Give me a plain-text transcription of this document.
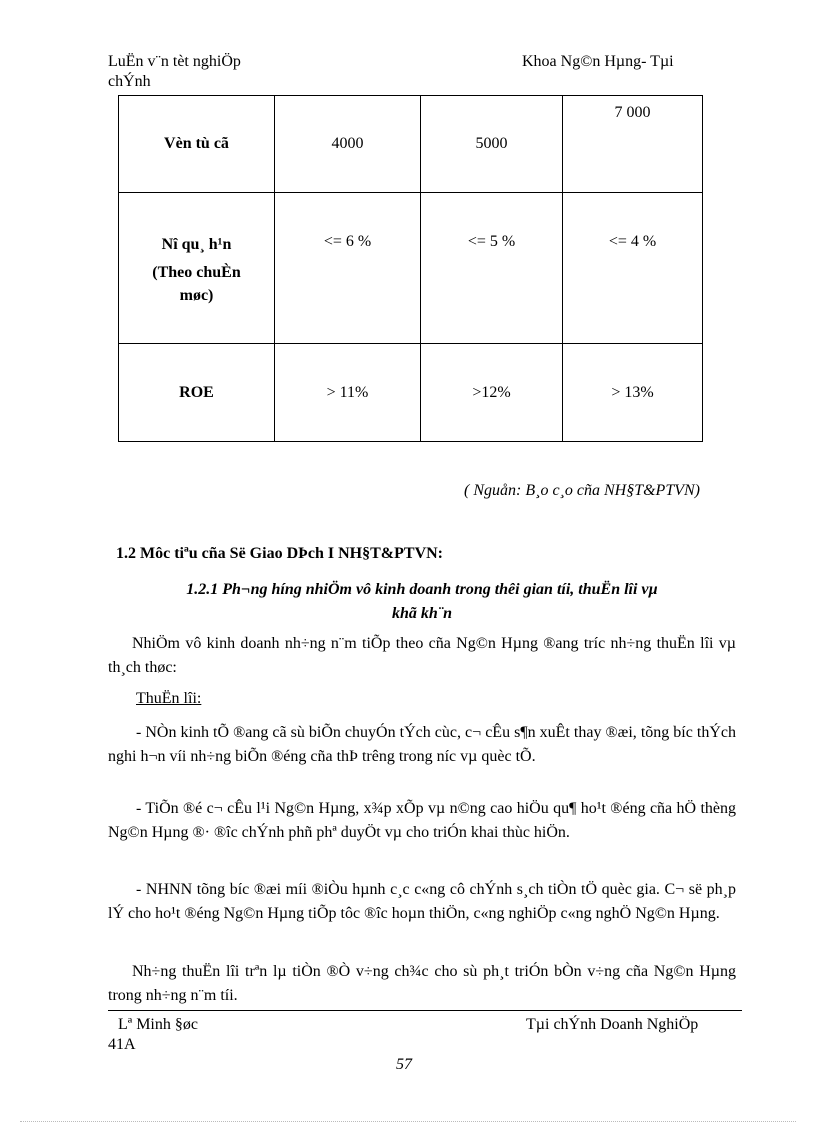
LuËn v¨n tèt nghiÖp
chÝnh
Khoa Ng©n Hµng- Tµi
Vèn tù cã	4000	5000	7 000

Nî qu¸ h¹n
(Theo chuÈn
møc)	<= 6 %	<= 5 %	<= 4 %
ROE	> 11%	>12%	> 13%
( Nguån: B¸o c¸o cña NH§T&PTVN)
1.2 Môc tiªu cña Së Giao DÞch I NH§T&PTVN:
1.2.1 Ph¬ng híng nhiÖm vô kinh doanh trong thêi gian tíi, thuËn lîi vµ
khã kh¨n
NhiÖm vô kinh doanh nh÷ng n¨m tiÕp theo cña Ng©n Hµng ®ang tríc nh÷ng thuËn lîi vµ th¸ch thøc:
ThuËn lîi:
- NÒn kinh tÕ ®ang cã sù biÕn chuyÓn tÝch cùc, c¬ cÊu s¶n xuÊt thay ®æi, tõng bíc thÝch nghi h¬n víi nh÷ng biÕn ®éng cña thÞ trêng trong níc vµ quèc tÕ.
- TiÕn ®é c¬ cÊu l¹i Ng©n Hµng, x¾p xÕp vµ n©ng cao hiÖu qu¶ ho¹t ®éng cña hÖ thèng Ng©n Hµng ®· ®îc chÝnh phñ phª duyÖt vµ cho triÓn khai thùc hiÖn.
- NHNN tõng bíc ®æi míi ®iÒu hµnh c¸c c«ng cô chÝnh s¸ch tiÒn tÖ quèc gia. C¬ së ph¸p lÝ cho ho¹t ®éng Ng©n Hµng tiÕp tôc ®îc hoµn thiÖn, c«ng nghiÖp c«ng nghÖ Ng©n Hµng.
Nh÷ng thuËn lîi trªn lµ tiÒn ®Ò v÷ng ch¾c cho sù ph¸t triÓn bÒn v÷ng cña Ng©n Hµng trong nh÷ng n¨m tíi.
Lª Minh §øc
41A
Tµi chÝnh Doanh NghiÖp
57
